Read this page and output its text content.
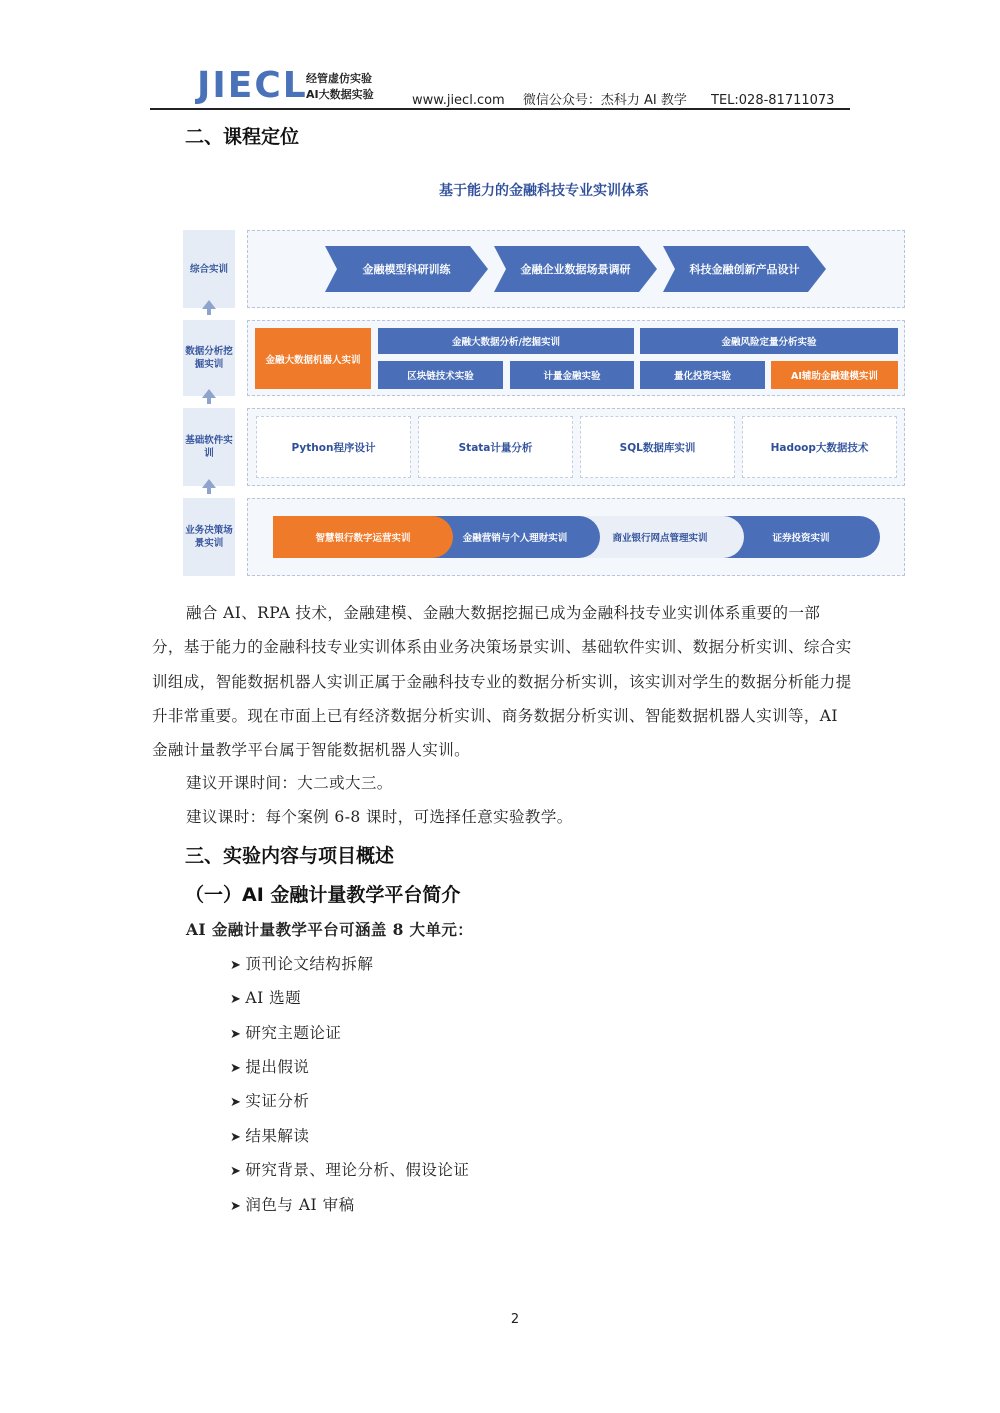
JIECL
经管虚仿实验
AI大数据实验	www.jiecl.com 微信公众号：杰科力 AI 教学 TEL:028-81711073
二、课程定位
基于能力的金融科技专业实训体系
综合实训	金融模型科研训练	金融企业数据场景调研	科技金融创新产品设计
数据分析挖掘实训	金融大数据机器人实训
金融大数据分析/挖掘实训	金融风险定量分析实验
区块链技术实验	计量金融实验	量化投资实验	AI辅助金融建模实训
基础软件实训	Python程序设计	Stata计量分析	SQL数据库实训	Hadoop大数据技术
业务决策场景实训	证券投资实训
商业银行网点管理实训
金融营销与个人理财实训
智慧银行数字运营实训
融合 AI、RPA 技术，金融建模、金融大数据挖掘已成为金融科技专业实训体系重要的一部分，基于能力的金融科技专业实训体系由业务决策场景实训、基础软件实训、数据分析实训、综合实训组成，智能数据机器人实训正属于金融科技专业的数据分析实训，该实训对学生的数据分析能力提升非常重要。现在市面上已有经济数据分析实训、商务数据分析实训、智能数据机器人实训等，AI 金融计量教学平台属于智能数据机器人实训。
建议开课时间：大二或大三。
建议课时：每个案例 6-8 课时，可选择任意实验教学。
三、实验内容与项目概述
（一）AI 金融计量教学平台简介
AI 金融计量教学平台可涵盖 8 大单元：
➤ 顶刊论文结构拆解
➤ AI 选题
➤ 研究主题论证
➤ 提出假说
➤ 实证分析
➤ 结果解读
➤ 研究背景、理论分析、假设论证
➤ 润色与 AI 审稿
2
